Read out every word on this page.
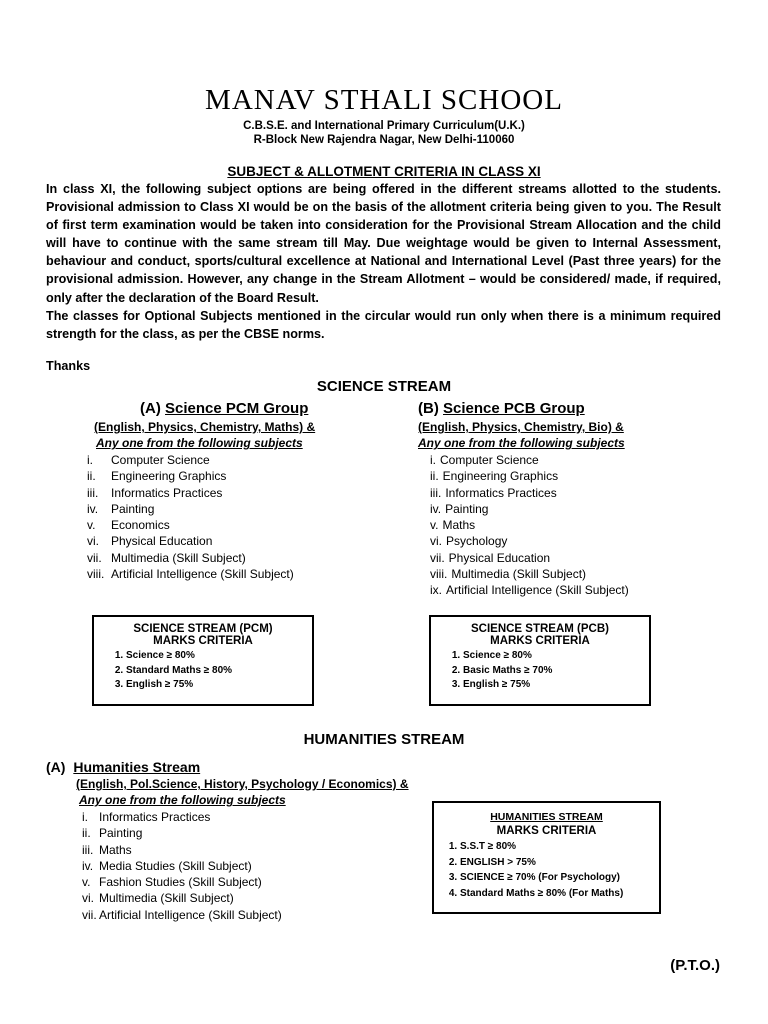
MANAV STHALI SCHOOL
C.B.S.E. and International Primary Curriculum(U.K.)
R-Block New Rajendra Nagar, New Delhi-110060
SUBJECT & ALLOTMENT CRITERIA IN CLASS XI
In class XI, the following subject options are being offered in the different streams allotted to the students. Provisional admission to Class XI would be on the basis of the allotment criteria being given to you. The Result of first term examination would be taken into consideration for the Provisional Stream Allocation and the child will have to continue with the same stream till May. Due weightage would be given to Internal Assessment, behaviour and conduct, sports/cultural excellence at National and International Level (Past three years) for the provisional admission. However, any change in the Stream Allotment – would be considered/ made, if required, only after the declaration of the Board Result.
The classes for Optional Subjects mentioned in the circular would run only when there is a minimum required strength for the class, as per the CBSE norms.
Thanks
SCIENCE STREAM
(A) Science PCM Group
(English, Physics, Chemistry, Maths) &
Any one from the following subjects
i. Computer Science
ii. Engineering Graphics
iii. Informatics Practices
iv. Painting
v. Economics
vi. Physical Education
vii. Multimedia (Skill Subject)
viii. Artificial Intelligence (Skill Subject)
(B) Science PCB Group
(English, Physics, Chemistry, Bio) &
Any one from the following subjects
i. Computer Science
ii. Engineering Graphics
iii. Informatics Practices
iv. Painting
v. Maths
vi. Psychology
vii. Physical Education
viii. Multimedia (Skill Subject)
ix. Artificial Intelligence (Skill Subject)
SCIENCE STREAM (PCM)
MARKS CRITERIA
1. Science ≥ 80%
2. Standard Maths ≥ 80%
3. English ≥ 75%
SCIENCE STREAM (PCB)
MARKS CRITERIA
1. Science ≥ 80%
2. Basic Maths ≥ 70%
3. English ≥ 75%
HUMANITIES STREAM
(A) Humanities Stream
(English, Pol.Science, History, Psychology / Economics) &
Any one from the following subjects
i. Informatics Practices
ii. Painting
iii. Maths
iv. Media Studies (Skill Subject)
v. Fashion Studies (Skill Subject)
vi. Multimedia (Skill Subject)
vii. Artificial Intelligence (Skill Subject)
HUMANITIES STREAM
MARKS CRITERIA
1. S.S.T ≥ 80%
2. ENGLISH > 75%
3. SCIENCE ≥ 70% (For Psychology)
4. Standard Maths ≥ 80% (For Maths)
(P.T.O.)
